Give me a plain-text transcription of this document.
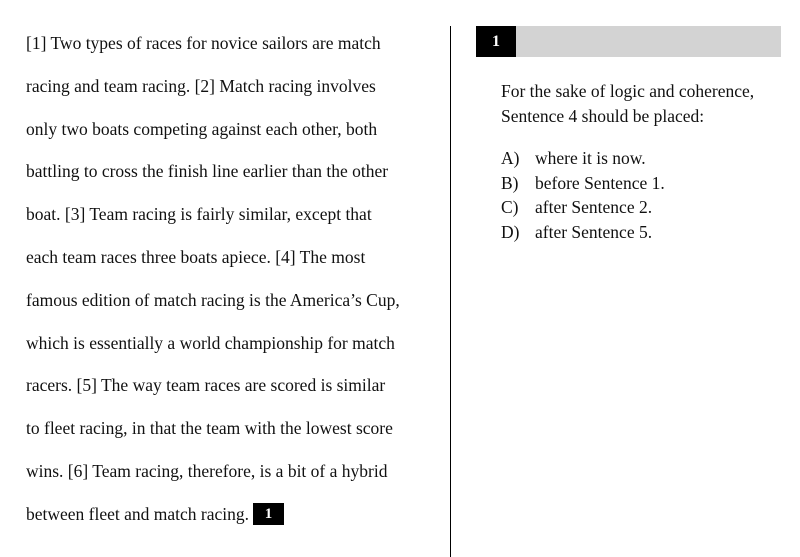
[1] Two types of races for novice sailors are match
racing and team racing. [2] Match racing involves
only two boats competing against each other, both
battling to cross the finish line earlier than the other
boat. [3] Team racing is fairly similar, except that
each team races three boats apiece. [4] The most
famous edition of match racing is the America’s Cup,
which is essentially a world championship for match
racers. [5] The way team races are scored is similar
to fleet racing, in that the team with the lowest score
wins. [6] Team racing, therefore, is a bit of a hybrid
between fleet and match racing. 1
1
For the sake of logic and coherence,
Sentence 4 should be placed:
A) where it is now.
B) before Sentence 1.
C) after Sentence 2.
D) after Sentence 5.
